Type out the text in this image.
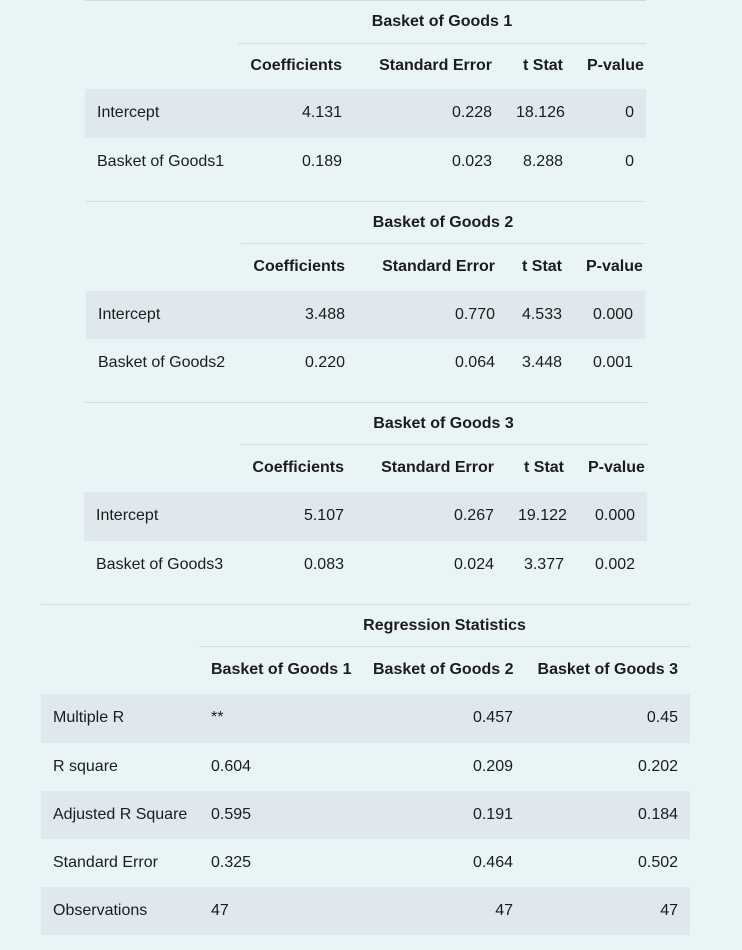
	Basket of Goods 1			
	Coefficients	Standard Error	t Stat	P-value
Intercept	4.131	0.228	18.126	0
Basket of Goods1	0.189	0.023	8.288	0
	Basket of Goods 2			
	Coefficients	Standard Error	t Stat	P-value
Intercept	3.488	0.770	4.533	0.000
Basket of Goods2	0.220	0.064	3.448	0.001
	Basket of Goods 3			
	Coefficients	Standard Error	t Stat	P-value
Intercept	5.107	0.267	19.122	0.000
Basket of Goods3	0.083	0.024	3.377	0.002
	Regression Statistics		
	Basket of Goods 1	Basket of Goods 2	Basket of Goods 3
Multiple R	**	0.457	0.45
R square	0.604	0.209	0.202
Adjusted R Square	0.595	0.191	0.184
Standard Error	0.325	0.464	0.502
Observations	47	47	47
